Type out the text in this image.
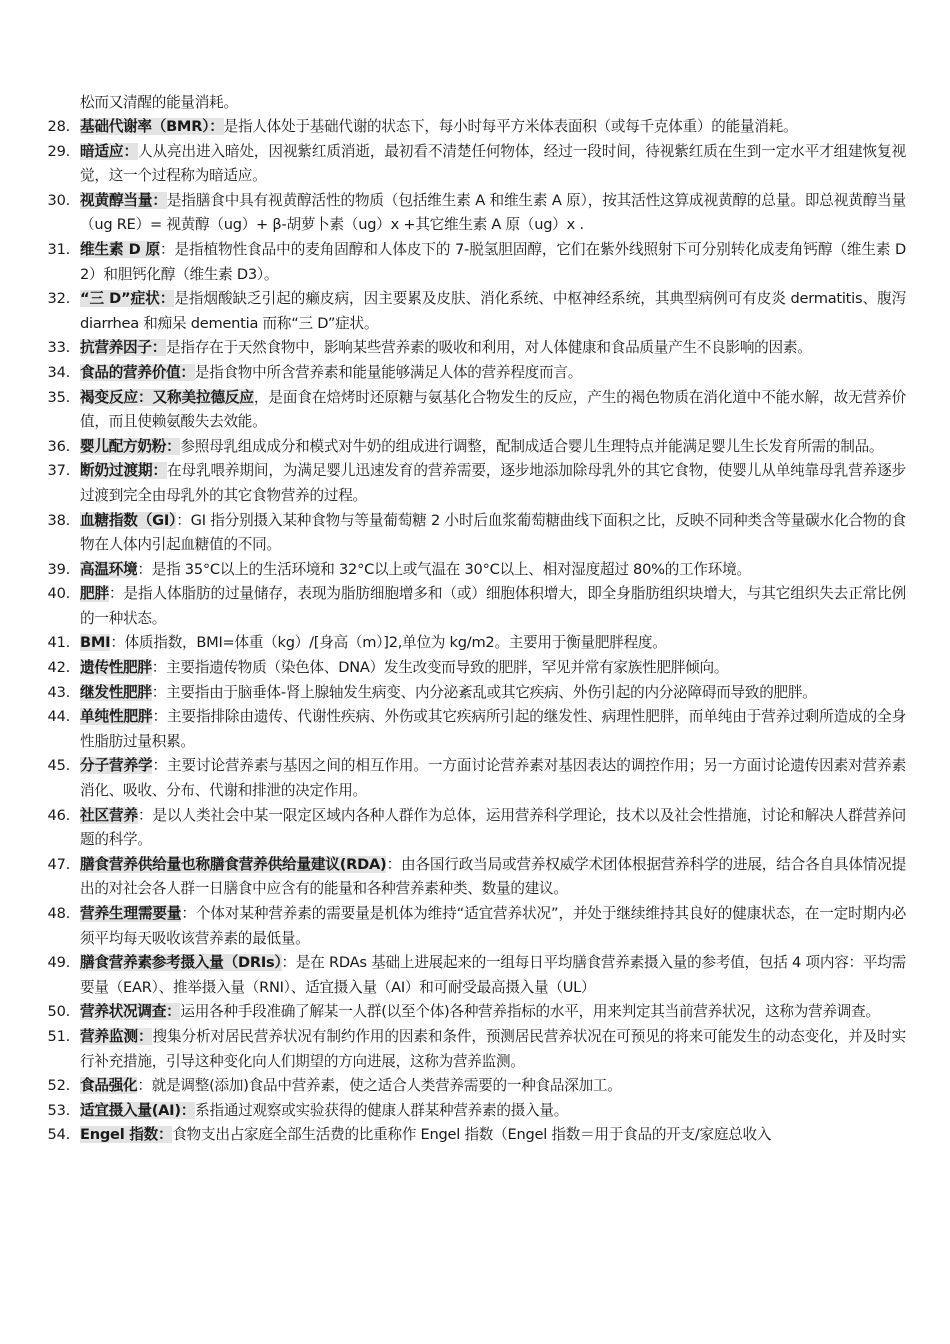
松而又清醒的能量消耗。
28. 基础代谢率（BMR）：是指人体处于基础代谢的状态下，每小时每平方米体表面积（或每千克体重）的能量消耗。
29. 暗适应：人从亮出进入暗处，因视紫红质消逝，最初看不清楚任何物体，经过一段时间，待视紫红质在生到一定水平才组建恢复视觉，这一个过程称为暗适应。
30. 视黄醇当量：是指膳食中具有视黄醇活性的物质（包括维生素 A 和维生素 A 原），按其活性这算成视黄醇的总量。即总视黄醇当量（ug RE）= 视黄醇（ug）+ β-胡萝卜素（ug）x +其它维生素 A 原（ug）x .
31. 维生素 D 原：是指植物性食品中的麦角固醇和人体皮下的 7-脱氢胆固醇，它们在紫外线照射下可分别转化成麦角钙醇（维生素 D2）和胆钙化醇（维生素 D3）。
32. “三 D”症状：是指烟酸缺乏引起的癞皮病，因主要累及皮肤、消化系统、中枢神经系统，其典型病例可有皮炎 dermatitis、腹泻 diarrhea 和痴呆 dementia 而称“三 D”症状。
33. 抗营养因子：是指存在于天然食物中，影响某些营养素的吸收和利用，对人体健康和食品质量产生不良影响的因素。
34. 食品的营养价值：是指食物中所含营养素和能量能够满足人体的营养程度而言。
35. 褐变反应：又称美拉德反应，是面食在焙烤时还原糖与氨基化合物发生的反应，产生的褐色物质在消化道中不能水解，故无营养价值，而且使赖氨酸失去效能。
36. 婴儿配方奶粉：参照母乳组成成分和模式对牛奶的组成进行调整，配制成适合婴儿生理特点并能满足婴儿生长发育所需的制品。
37. 断奶过渡期：在母乳喂养期间，为满足婴儿迅速发育的营养需要，逐步地添加除母乳外的其它食物，使婴儿从单纯靠母乳营养逐步过渡到完全由母乳外的其它食物营养的过程。
38. 血糖指数（GI）：GI 指分别摄入某种食物与等量葡萄糖 2 小时后血浆葡萄糖曲线下面积之比，反映不同种类含等量碳水化合物的食物在人体内引起血糖值的不同。
39. 高温环境：是指 35°C以上的生活环境和 32°C以上或气温在 30°C以上、相对湿度超过 80%的工作环境。
40. 肥胖：是指人体脂肪的过量储存，表现为脂肪细胞增多和（或）细胞体积增大，即全身脂肪组织块增大，与其它组织失去正常比例的一种状态。
41. BMI：体质指数，BMI=体重（kg）/[身高（m）]2,单位为 kg/m2。主要用于衡量肥胖程度。
42. 遗传性肥胖：主要指遗传物质（染色体、DNA）发生改变而导致的肥胖，罕见并常有家族性肥胖倾向。
43. 继发性肥胖：主要指由于脑垂体-肾上腺轴发生病变、内分泌紊乱或其它疾病、外伤引起的内分泌障碍而导致的肥胖。
44. 单纯性肥胖：主要指排除由遗传、代谢性疾病、外伤或其它疾病所引起的继发性、病理性肥胖，而单纯由于营养过剩所造成的全身性脂肪过量积累。
45. 分子营养学：主要讨论营养素与基因之间的相互作用。一方面讨论营养素对基因表达的调控作用；另一方面讨论遗传因素对营养素消化、吸收、分布、代谢和排泄的决定作用。
46. 社区营养：是以人类社会中某一限定区域内各种人群作为总体，运用营养科学理论，技术以及社会性措施，讨论和解决人群营养问题的科学。
47. 膳食营养供给量也称膳食营养供给量建议(RDA)：由各国行政当局或营养权威学术团体根据营养科学的进展，结合各自具体情况提出的对社会各人群一日膳食中应含有的能量和各种营养素种类、数量的建议。
48. 营养生理需要量：个体对某种营养素的需要量是机体为维持“适宜营养状况”，并处于继续维持其良好的健康状态，在一定时期内必须平均每天吸收该营养素的最低量。
49. 膳食营养素参考摄入量（DRIs）：是在 RDAs 基础上进展起来的一组每日平均膳食营养素摄入量的参考值，包括 4 项内容：平均需要量（EAR）、推举摄入量（RNI）、适宜摄入量（AI）和可耐受最高摄入量（UL）
50. 营养状况调查：运用各种手段准确了解某一人群(以至个体)各种营养指标的水平，用来判定其当前营养状况，这称为营养调查。
51. 营养监测：搜集分析对居民营养状况有制约作用的因素和条件，预测居民营养状况在可预见的将来可能发生的动态变化，并及时实行补充措施，引导这种变化向人们期望的方向进展，这称为营养监测。
52. 食品强化：就是调整(添加)食品中营养素，使之适合人类营养需要的一种食品深加工。
53. 适宜摄入量(AI)：系指通过观察或实验获得的健康人群某种营养素的摄入量。
54. Engel 指数：食物支出占家庭全部生活费的比重称作 Engel 指数（Engel 指数＝用于食品的开支/家庭总收入
